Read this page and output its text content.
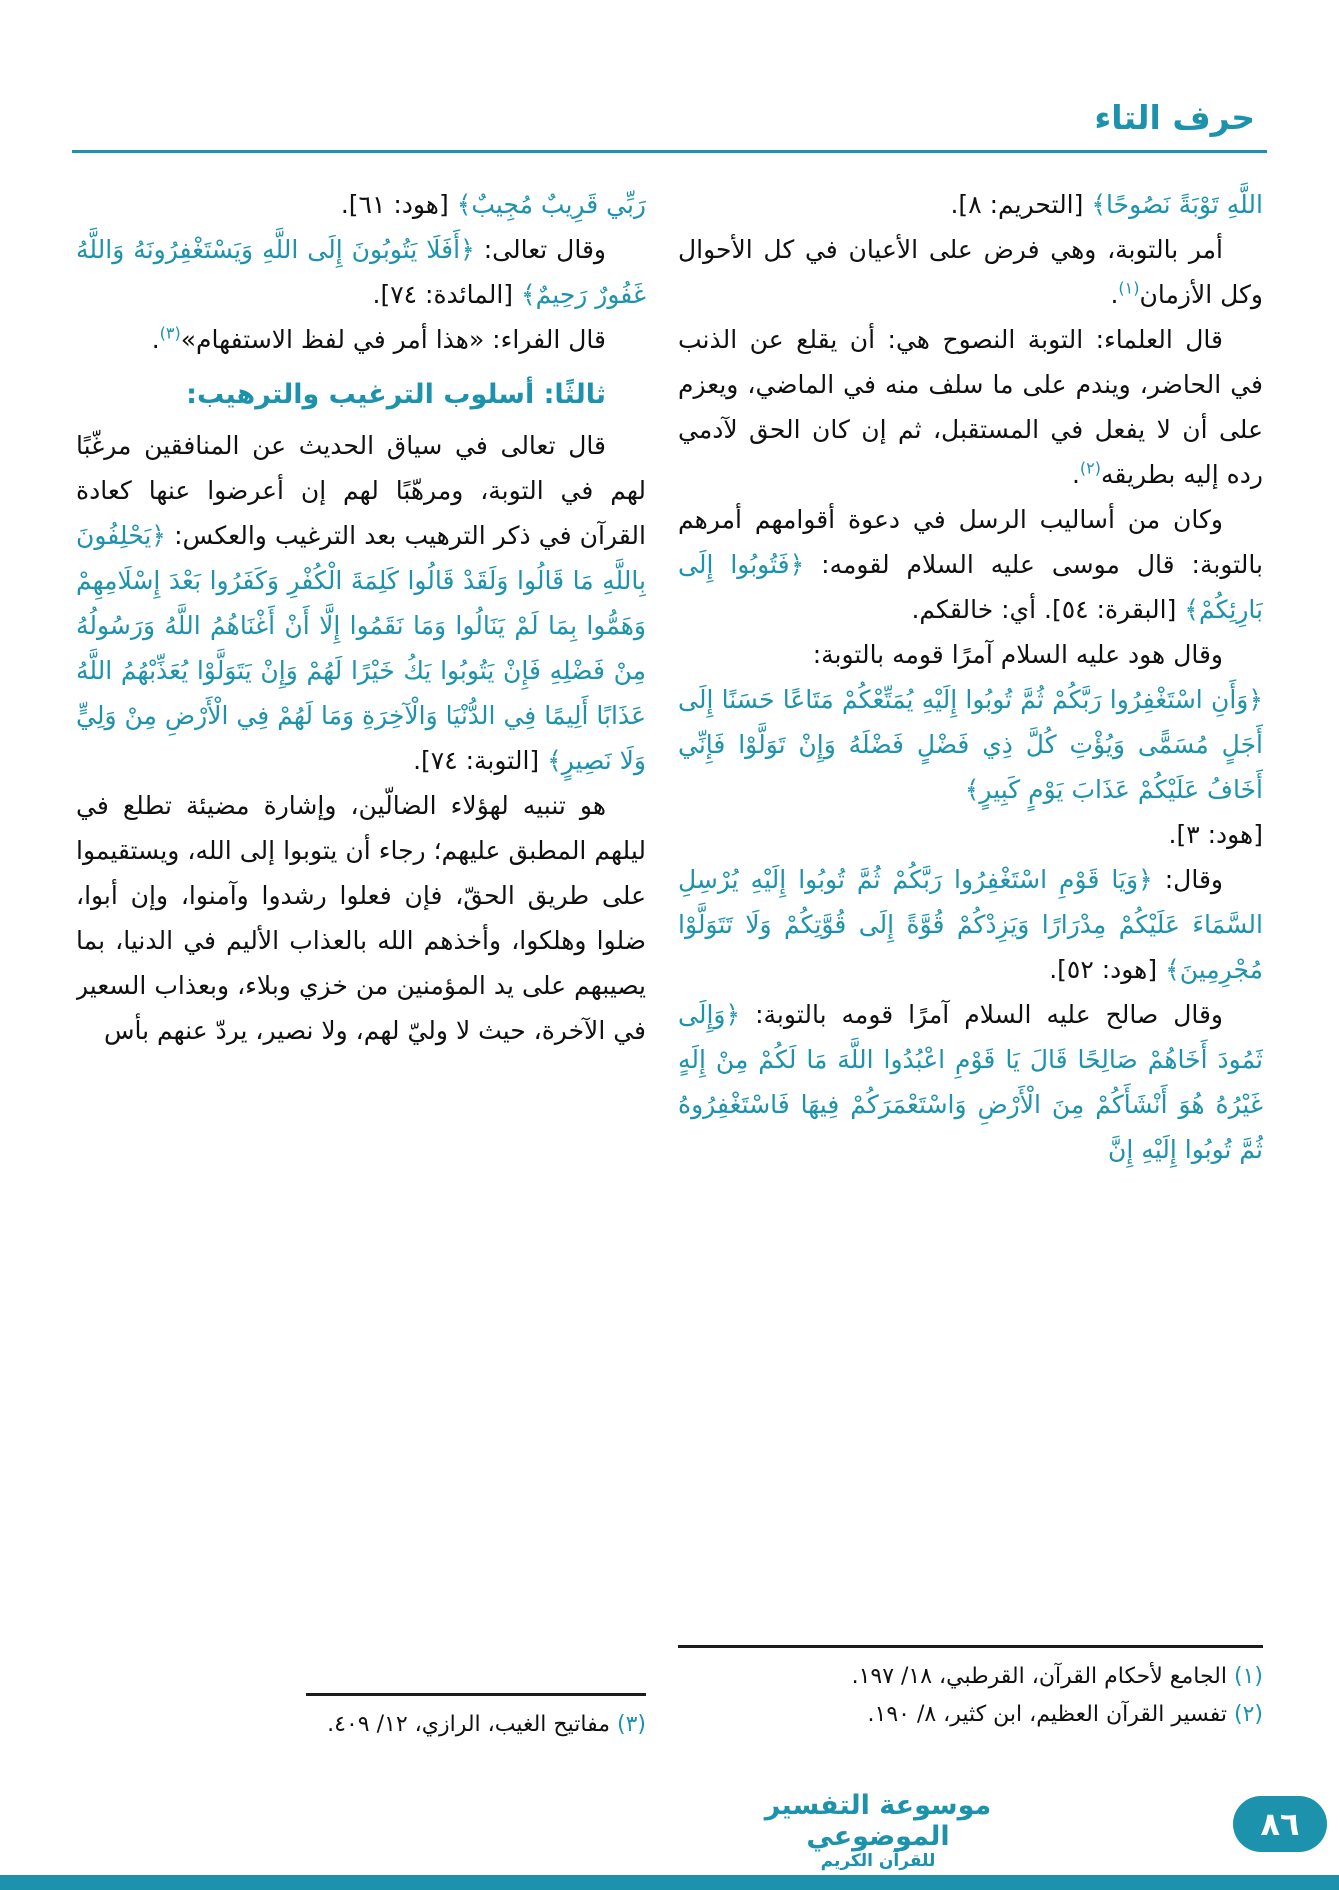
حرف التاء

اللَّهِ تَوْبَةً نَصُوحًا﴾ [التحريم: ٨].

أمر بالتوبة، وهي فرض على الأعيان في كل الأحوال وكل الأزمان$^{(١)}$.

قال العلماء: التوبة النصوح هي: أن يقلع عن الذنب في الحاضر، ويندم على ما سلف منه في الماضي، ويعزم على أن لا يفعل في المستقبل، ثم إن كان الحق لآدمي رده إليه بطريقه$^{(٢)}$.

وكان من أساليب الرسل في دعوة أقوامهم أمرهم بالتوبة: قال موسى عليه السلام لقومه: ﴿فَتُوبُوا إِلَى بَارِئِكُمْ﴾ [البقرة: ٥٤]. أي: خالقكم.

وقال هود عليه السلام آمرًا قومه بالتوبة:

﴿وَأَنِ اسْتَغْفِرُوا رَبَّكُمْ ثُمَّ تُوبُوا إِلَيْهِ يُمَتِّعْكُمْ مَتَاعًا حَسَنًا إِلَى أَجَلٍ مُسَمًّى وَيُؤْتِ كُلَّ ذِي فَضْلٍ فَضْلَهُ وَإِنْ تَوَلَّوْا فَإِنِّي أَخَافُ عَلَيْكُمْ عَذَابَ يَوْمٍ كَبِيرٍ﴾

[هود: ٣].

وقال: ﴿وَيَا قَوْمِ اسْتَغْفِرُوا رَبَّكُمْ ثُمَّ تُوبُوا إِلَيْهِ يُرْسِلِ السَّمَاءَ عَلَيْكُمْ مِدْرَارًا وَيَزِدْكُمْ قُوَّةً إِلَى قُوَّتِكُمْ وَلَا تَتَوَلَّوْا مُجْرِمِينَ﴾ [هود: ٥٢].

وقال صالح عليه السلام آمرًا قومه بالتوبة: ﴿وَإِلَى ثَمُودَ أَخَاهُمْ صَالِحًا قَالَ يَا قَوْمِ اعْبُدُوا اللَّهَ مَا لَكُمْ مِنْ إِلَهٍ غَيْرُهُ هُوَ أَنْشَأَكُمْ مِنَ الْأَرْضِ وَاسْتَعْمَرَكُمْ فِيهَا فَاسْتَغْفِرُوهُ ثُمَّ تُوبُوا إِلَيْهِ إِنَّ

رَبِّي قَرِيبٌ مُجِيبٌ﴾ [هود: ٦١].

وقال تعالى: ﴿أَفَلَا يَتُوبُونَ إِلَى اللَّهِ وَيَسْتَغْفِرُونَهُ وَاللَّهُ غَفُورٌ رَحِيمٌ﴾ [المائدة: ٧٤].

قال الفراء: «هذا أمر في لفظ الاستفهام»$^{(٣)}$.

ثالثًا: أسلوب الترغيب والترهيب:

قال تعالى في سياق الحديث عن المنافقين مرغّبًا لهم في التوبة، ومرهّبًا لهم إن أعرضوا عنها كعادة القرآن في ذكر الترهيب بعد الترغيب والعكس: ﴿يَحْلِفُونَ بِاللَّهِ مَا قَالُوا وَلَقَدْ قَالُوا كَلِمَةَ الْكُفْرِ وَكَفَرُوا بَعْدَ إِسْلَامِهِمْ وَهَمُّوا بِمَا لَمْ يَنَالُوا وَمَا نَقَمُوا إِلَّا أَنْ أَغْنَاهُمُ اللَّهُ وَرَسُولُهُ مِنْ فَضْلِهِ فَإِنْ يَتُوبُوا يَكُ خَيْرًا لَهُمْ وَإِنْ يَتَوَلَّوْا يُعَذِّبْهُمُ اللَّهُ عَذَابًا أَلِيمًا فِي الدُّنْيَا وَالْآخِرَةِ وَمَا لَهُمْ فِي الْأَرْضِ مِنْ وَلِيٍّ وَلَا نَصِيرٍ﴾ [التوبة: ٧٤].

هو تنبيه لهؤلاء الضالّين، وإشارة مضيئة تطلع في ليلهم المطبق عليهم؛ رجاء أن يتوبوا إلى الله، ويستقيموا على طريق الحقّ، فإن فعلوا رشدوا وآمنوا، وإن أبوا، ضلوا وهلكوا، وأخذهم الله بالعذاب الأليم في الدنيا، بما يصيبهم على يد المؤمنين من خزي وبلاء، وبعذاب السعير في الآخرة، حيث لا وليّ لهم، ولا نصير، يردّ عنهم بأس

(١) الجامع لأحكام القرآن، القرطبي، ١٨/ ١٩٧.

(٢) تفسير القرآن العظيم، ابن كثير، ٨/ ١٩٠.

(٣) مفاتيح الغيب، الرازي، ١٢/ ٤٠٩.

موسوعة التفسير الموضوعي
للقرآن الكريم
٨٦
